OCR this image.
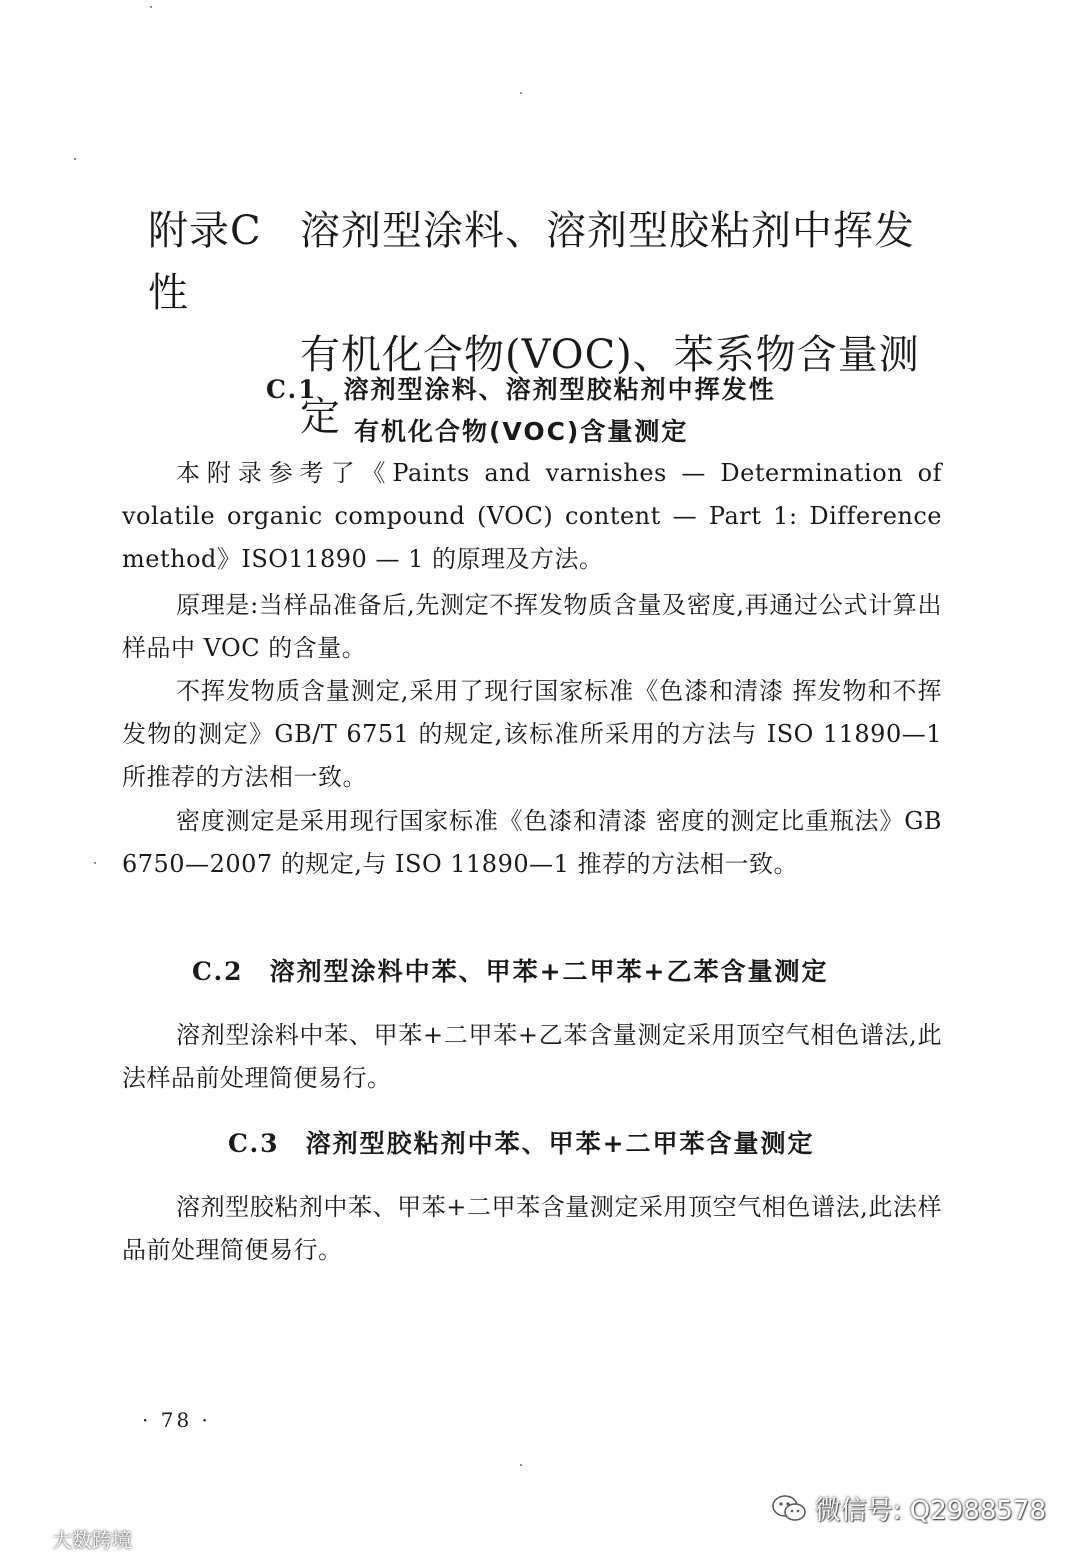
附录C 溶剂型涂料、溶剂型胶粘剂中挥发性
有机化合物(VOC)、苯系物含量测定
C.1 溶剂型涂料、溶剂型胶粘剂中挥发性
有机化合物(VOC)含量测定

本附录参考了《Paints and varnishes — Determination of volatile organic compound (VOC) content — Part 1: Difference method》ISO11890 — 1 的原理及方法。

原理是:当样品准备后,先测定不挥发物质含量及密度,再通过公式计算出样品中 VOC 的含量。

不挥发物质含量测定,采用了现行国家标准《色漆和清漆 挥发物和不挥发物的测定》GB/T 6751 的规定,该标准所采用的方法与 ISO 11890—1 所推荐的方法相一致。

密度测定是采用现行国家标准《色漆和清漆 密度的测定比重瓶法》GB 6750—2007 的规定,与 ISO 11890—1 推荐的方法相一致。

C.2 溶剂型涂料中苯、甲苯+二甲苯+乙苯含量测定

溶剂型涂料中苯、甲苯+二甲苯+乙苯含量测定采用顶空气相色谱法,此法样品前处理简便易行。

C.3 溶剂型胶粘剂中苯、甲苯+二甲苯含量测定

溶剂型胶粘剂中苯、甲苯+二甲苯含量测定采用顶空气相色谱法,此法样品前处理简便易行。

· 78 ·
微信号: Q2988578
大数跨境
